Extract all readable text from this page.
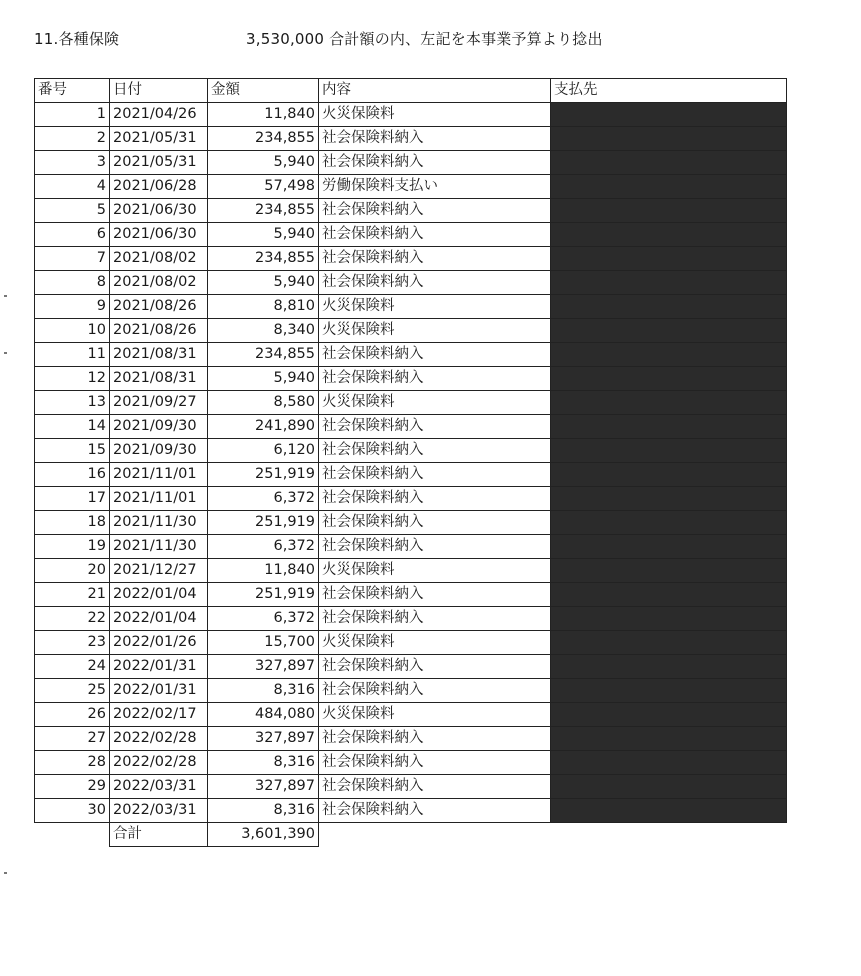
11.各種保険	3,530,000 合計額の内、左記を本事業予算より捻出
番号	日付	金額	内容	支払先
1	2021/04/26	11,840	火災保険料	
2	2021/05/31	234,855	社会保険料納入	
3	2021/05/31	5,940	社会保険料納入	
4	2021/06/28	57,498	労働保険料支払い	
5	2021/06/30	234,855	社会保険料納入	
6	2021/06/30	5,940	社会保険料納入	
7	2021/08/02	234,855	社会保険料納入	
8	2021/08/02	5,940	社会保険料納入	
9	2021/08/26	8,810	火災保険料	
10	2021/08/26	8,340	火災保険料	
11	2021/08/31	234,855	社会保険料納入	
12	2021/08/31	5,940	社会保険料納入	
13	2021/09/27	8,580	火災保険料	
14	2021/09/30	241,890	社会保険料納入	
15	2021/09/30	6,120	社会保険料納入	
16	2021/11/01	251,919	社会保険料納入	
17	2021/11/01	6,372	社会保険料納入	
18	2021/11/30	251,919	社会保険料納入	
19	2021/11/30	6,372	社会保険料納入	
20	2021/12/27	11,840	火災保険料	
21	2022/01/04	251,919	社会保険料納入	
22	2022/01/04	6,372	社会保険料納入	
23	2022/01/26	15,700	火災保険料	
24	2022/01/31	327,897	社会保険料納入	
25	2022/01/31	8,316	社会保険料納入	
26	2022/02/17	484,080	火災保険料	
27	2022/02/28	327,897	社会保険料納入	
28	2022/02/28	8,316	社会保険料納入	
29	2022/03/31	327,897	社会保険料納入	
30	2022/03/31	8,316	社会保険料納入	
	合計	3,601,390		
